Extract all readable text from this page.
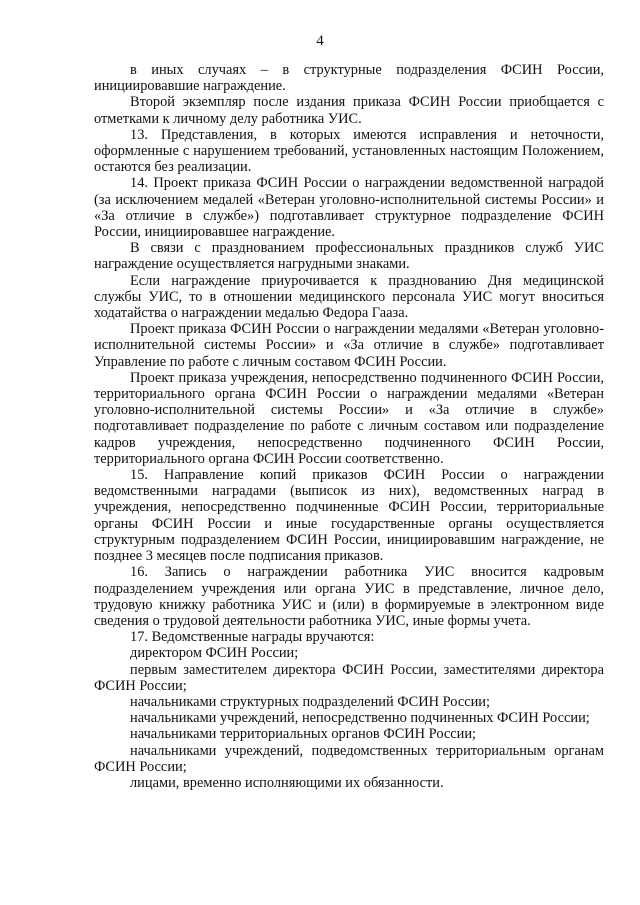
4

в иных случаях – в структурные подразделения ФСИН России, инициировавшие награждение.

Второй экземпляр после издания приказа ФСИН России приобщается с отметками к личному делу работника УИС.

13. Представления, в которых имеются исправления и неточности, оформленные с нарушением требований, установленных настоящим Положением, остаются без реализации.

14. Проект приказа ФСИН России о награждении ведомственной наградой (за исключением медалей «Ветеран уголовно-исполнительной системы России» и «За отличие в службе») подготавливает структурное подразделение ФСИН России, инициировавшее награждение.

В связи с празднованием профессиональных праздников служб УИС награждение осуществляется нагрудными знаками.

Если награждение приурочивается к празднованию Дня медицинской службы УИС, то в отношении медицинского персонала УИС могут вноситься ходатайства о награждении медалью Федора Гааза.

Проект приказа ФСИН России о награждении медалями «Ветеран уголовно-исполнительной системы России» и «За отличие в службе» подготавливает Управление по работе с личным составом ФСИН России.

Проект приказа учреждения, непосредственно подчиненного ФСИН России, территориального органа ФСИН России о награждении медалями «Ветеран уголовно-исполнительной системы России» и «За отличие в службе» подготавливает подразделение по работе с личным составом или подразделение кадров учреждения, непосредственно подчиненного ФСИН России, территориального органа ФСИН России соответственно.

15. Направление копий приказов ФСИН России о награждении ведомственными наградами (выписок из них), ведомственных наград в учреждения, непосредственно подчиненные ФСИН России, территориальные органы ФСИН России и иные государственные органы осуществляется структурным подразделением ФСИН России, инициировавшим награждение, не позднее 3 месяцев после подписания приказов.

16. Запись о награждении работника УИС вносится кадровым подразделением учреждения или органа УИС в представление, личное дело, трудовую книжку работника УИС и (или) в формируемые в электронном виде сведения о трудовой деятельности работника УИС, иные формы учета.

17. Ведомственные награды вручаются:

директором ФСИН России;

первым заместителем директора ФСИН России, заместителями директора ФСИН России;

начальниками структурных подразделений ФСИН России;

начальниками учреждений, непосредственно подчиненных ФСИН России;

начальниками территориальных органов ФСИН России;

начальниками учреждений, подведомственных территориальным органам ФСИН России;

лицами, временно исполняющими их обязанности.
